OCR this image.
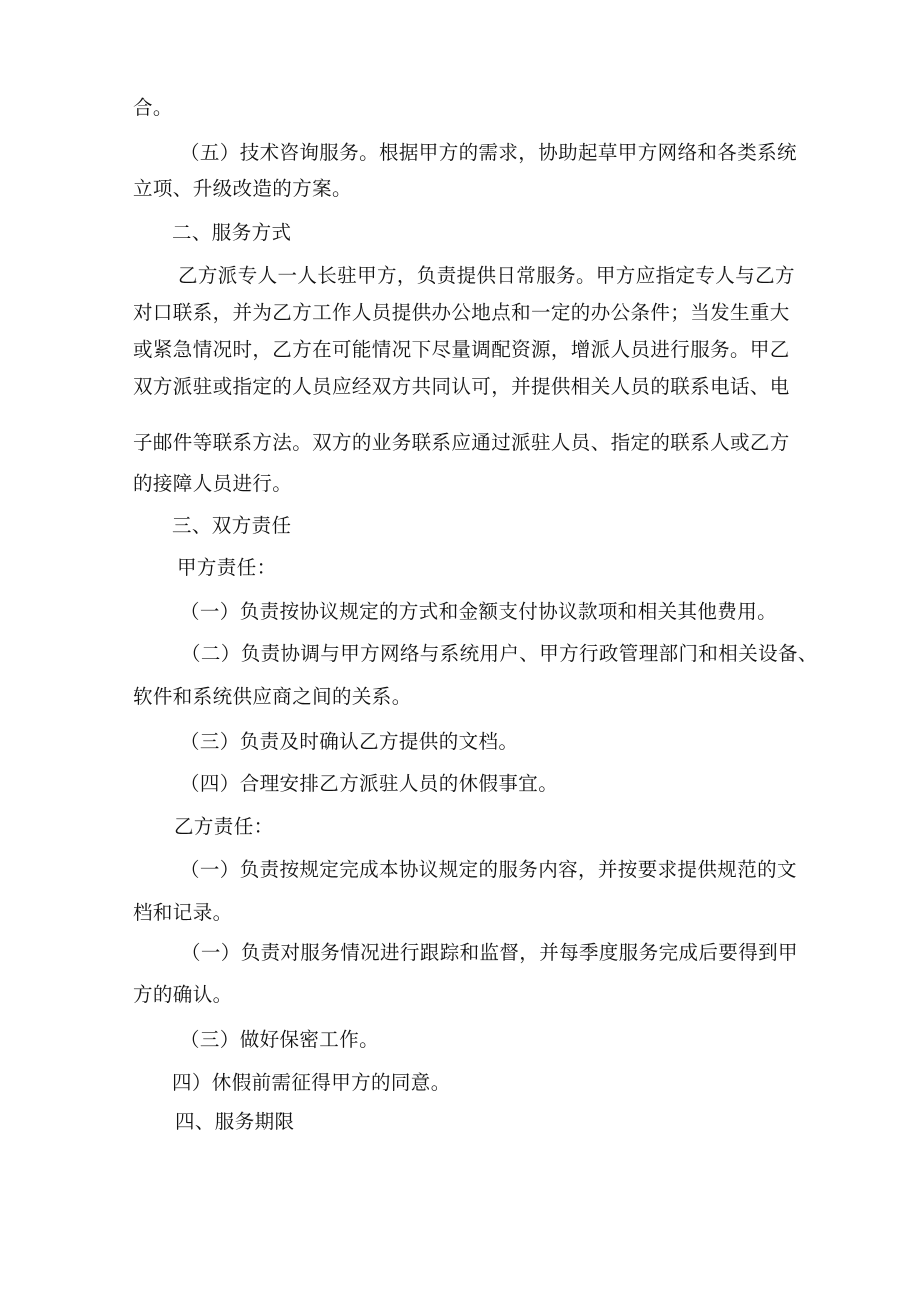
合。
（五）技术咨询服务。根据甲方的需求，协助起草甲方网络和各类系统
立项、升级改造的方案。
二、服务方式
乙方派专人一人长驻甲方，负责提供日常服务。甲方应指定专人与乙方
对口联系，并为乙方工作人员提供办公地点和一定的办公条件；当发生重大
或紧急情况时，乙方在可能情况下尽量调配资源，增派人员进行服务。甲乙
双方派驻或指定的人员应经双方共同认可，并提供相关人员的联系电话、电
子邮件等联系方法。双方的业务联系应通过派驻人员、指定的联系人或乙方
的接障人员进行。
三、双方责任
甲方责任：
（一）负责按协议规定的方式和金额支付协议款项和相关其他费用。
（二）负责协调与甲方网络与系统用户、甲方行政管理部门和相关设备、
软件和系统供应商之间的关系。
（三）负责及时确认乙方提供的文档。
（四）合理安排乙方派驻人员的休假事宜。
乙方责任：
（一）负责按规定完成本协议规定的服务内容，并按要求提供规范的文
档和记录。
（一）负责对服务情况进行跟踪和监督，并每季度服务完成后要得到甲
方的确认。
（三）做好保密工作。
四）休假前需征得甲方的同意。
四、服务期限
